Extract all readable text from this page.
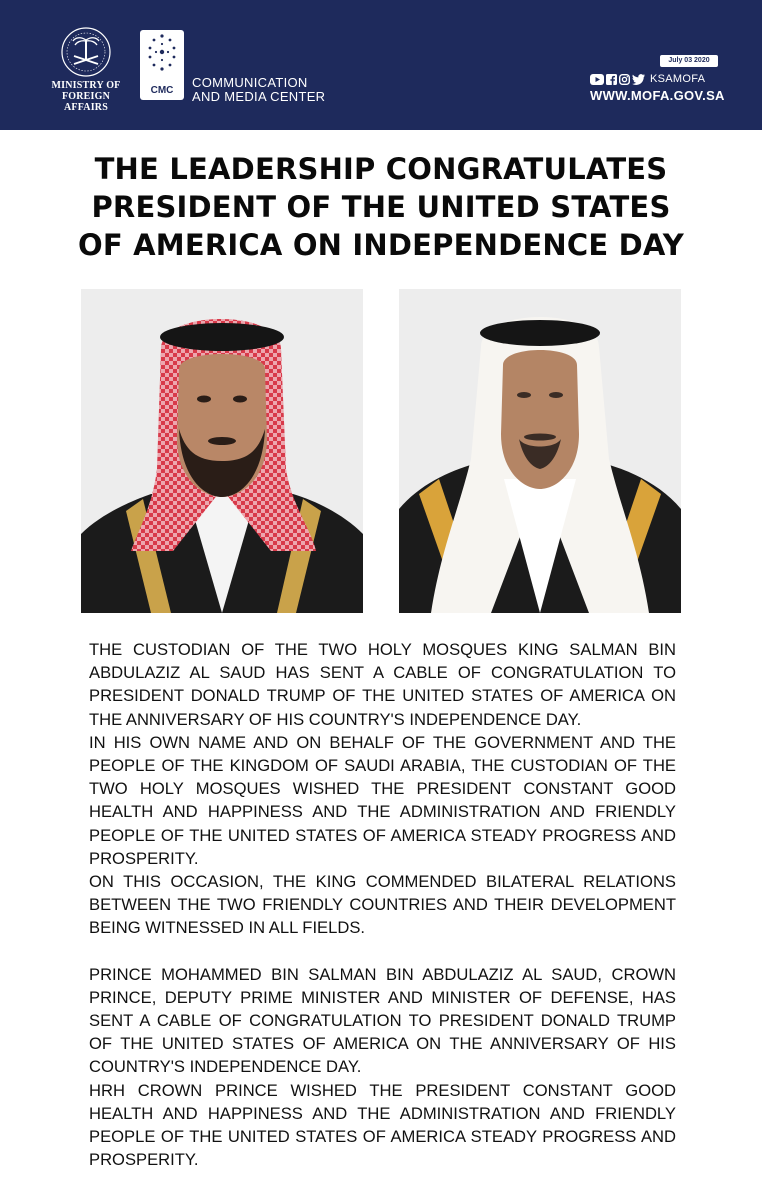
MINISTRY OF
FOREIGN AFFAIRS
CMC
COMMUNICATION
AND MEDIA CENTER
July 03 2020
KSAMOFA
WWW.MOFA.GOV.SA
THE LEADERSHIP CONGRATULATES
PRESIDENT OF THE UNITED STATES
OF AMERICA ON INDEPENDENCE DAY

THE CUSTODIAN OF THE TWO HOLY MOSQUES KING SALMAN BIN ABDULAZIZ AL SAUD HAS SENT A CABLE OF CONGRATULATION TO PRESIDENT DONALD TRUMP OF THE UNITED STATES OF AMERICA ON THE ANNIVERSARY OF HIS COUNTRY'S INDEPENDENCE DAY.

IN HIS OWN NAME AND ON BEHALF OF THE GOVERNMENT AND THE PEOPLE OF THE KINGDOM OF SAUDI ARABIA, THE CUSTODIAN OF THE TWO HOLY MOSQUES WISHED THE PRESIDENT CONSTANT GOOD HEALTH AND HAPPINESS AND THE ADMINISTRATION AND FRIENDLY PEOPLE OF THE UNITED STATES OF AMERICA STEADY PROGRESS AND PROSPERITY.

ON THIS OCCASION, THE KING COMMENDED BILATERAL RELATIONS BETWEEN THE TWO FRIENDLY COUNTRIES AND THEIR DEVELOPMENT BEING WITNESSED IN ALL FIELDS.

PRINCE MOHAMMED BIN SALMAN BIN ABDULAZIZ AL SAUD, CROWN PRINCE, DEPUTY PRIME MINISTER AND MINISTER OF DEFENSE, HAS SENT A CABLE OF CONGRATULATION TO PRESIDENT DONALD TRUMP OF THE UNITED STATES OF AMERICA ON THE ANNIVERSARY OF HIS COUNTRY'S INDEPENDENCE DAY.

HRH CROWN PRINCE WISHED THE PRESIDENT CONSTANT GOOD HEALTH AND HAPPINESS AND THE ADMINISTRATION AND FRIENDLY PEOPLE OF THE UNITED STATES OF AMERICA STEADY PROGRESS AND PROSPERITY.
